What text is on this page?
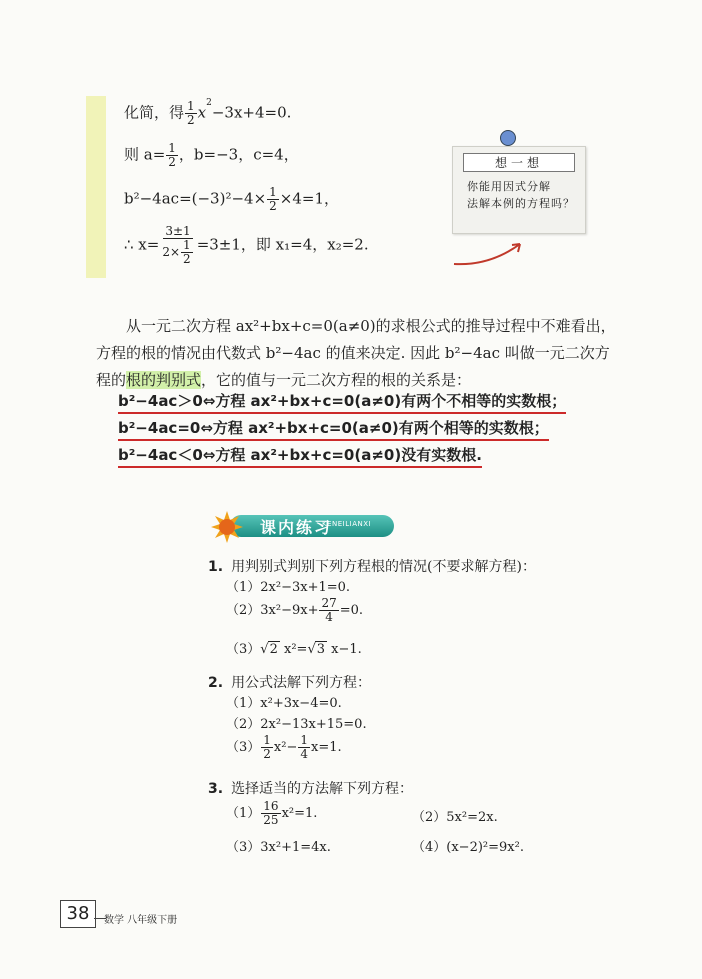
化简，得 $\frac{1}{2} x^2-3x+4=0$.
则 $a= \frac{1}{2}$ ，b=−3，c=4，
$b^2-4ac=(-3)^2-4\times \frac{1}{2} \times 4=1$，
∴ $x= \frac{3\pm 1}{2\times \frac{1}{2}} =3\pm 1$，即 x₁=4，x₂=2.
想一想
你能用因式分解
法解本例的方程吗？
从一元二次方程 ax²+bx+c=0(a≠0)的求根公式的推导过程中不难看出，方程的根的情况由代数式 b²−4ac 的值来决定. 因此 b²−4ac 叫做一元二次方程的根的判别式，它的值与一元二次方程的根的关系是：
b²−4ac＞0⇔方程 ax²+bx+c=0(a≠0)有两个不相等的实数根；
b²−4ac=0⇔方程 ax²+bx+c=0(a≠0)有两个相等的实数根；
b²−4ac＜0⇔方程 ax²+bx+c=0(a≠0)没有实数根.
课内练习
KENEILIANXI
1. 用判别式判别下列方程根的情况(不要求解方程)：
（1）2x²−3x+1=0.
$(2)3x^2-9x+ \frac{27}{4} =0$.
（3）√2 x²=√3 x−1.
2. 用公式法解下列方程：
（1）x²+3x−4=0.
（2）2x²−13x+15=0.
$(3) \frac{1}{2} x^2- \frac{1}{4} x=1$.
3. 选择适当的方法解下列方程：
$(1) \frac{16}{25} x^2=1$.	（2）5x²=2x.
（3）3x²+1=4x.	（4）(x−2)²=9x².
38	数学 八年级下册
